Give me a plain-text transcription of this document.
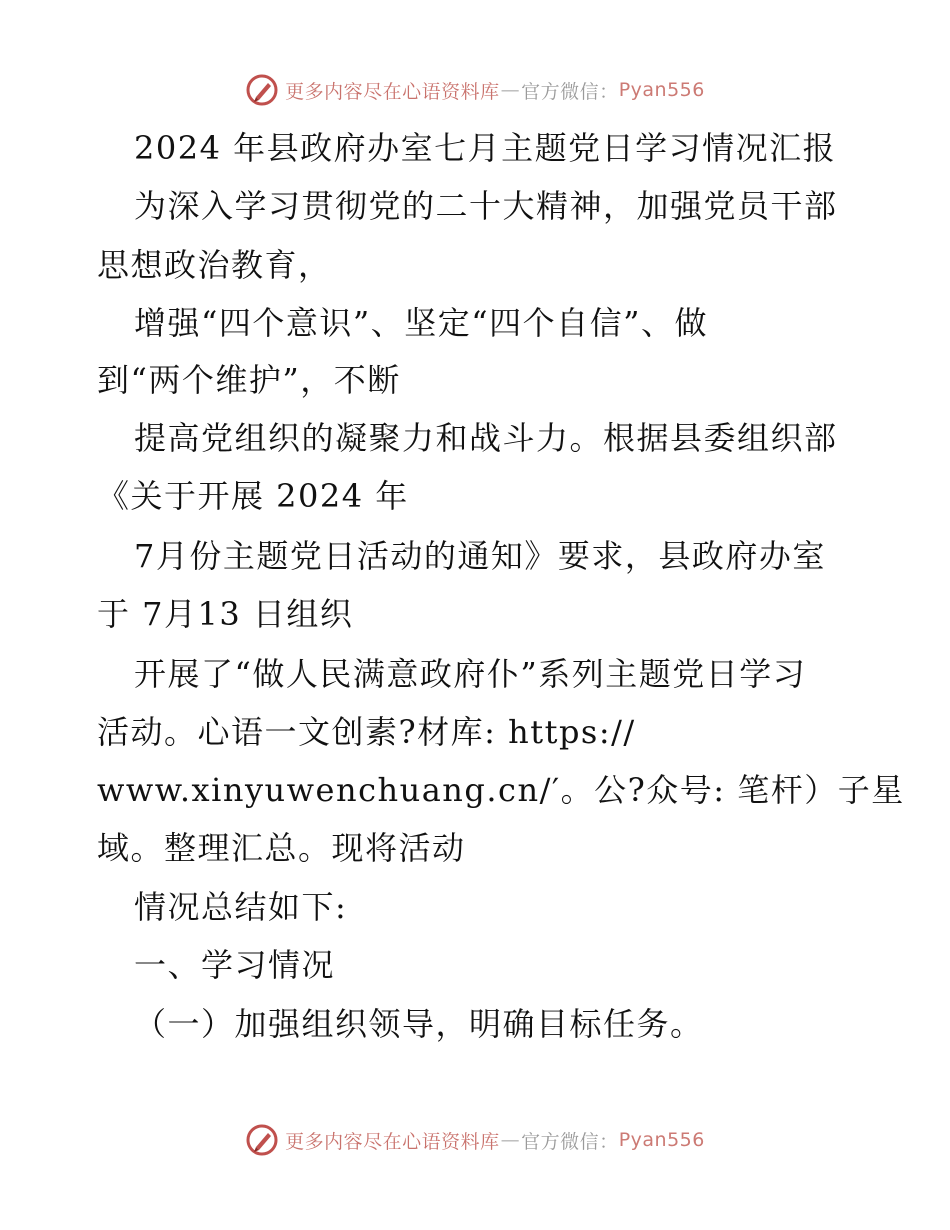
更多内容尽在心语资料库 — 官方微信： Pyan556
2024 年县政府办室七月主题党日学习情况汇报
为深入学习贯彻党的二十大精神，加强党员干部
思想政治教育，
增强“四个意识”、坚定“四个自信”、做
到“两个维护”，不断
提高党组织的凝聚力和战斗力。根据县委组织部
《关于开展 2024 年
7月份主题党日活动的通知》要求，县政府办室
于 7月13 日组织
开展了“做人民满意政府仆”系列主题党日学习
活动。心语一文创素?材库: https://
www.xinyuwenchuang.cn/′。公?众号: 笔杆）子星
域。整理汇总。现将活动
情况总结如下:
一、学习情况
（一）加强组织领导，明确目标任务。
更多内容尽在心语资料库 — 官方微信： Pyan556
